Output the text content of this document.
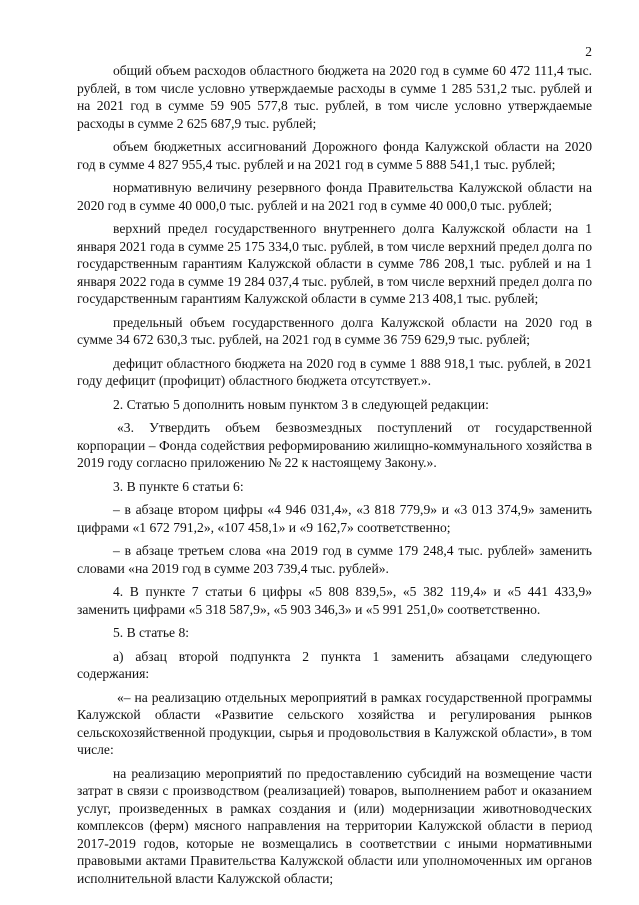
2

общий объем расходов областного бюджета на 2020 год в сумме 60 472 111,4 тыс. рублей, в том числе условно утверждаемые расходы в сумме 1 285 531,2 тыс. рублей и на 2021 год в сумме 59 905 577,8 тыс. рублей, в том числе условно утверждаемые расходы в сумме 2 625 687,9 тыс. рублей;

объем бюджетных ассигнований Дорожного фонда Калужской области на 2020 год в сумме 4 827 955,4 тыс. рублей и на 2021 год в сумме 5 888 541,1 тыс. рублей;

нормативную величину резервного фонда Правительства Калужской области на 2020 год в сумме 40 000,0 тыс. рублей и на 2021 год в сумме 40 000,0 тыс. рублей;

верхний предел государственного внутреннего долга Калужской области на 1 января 2021 года в сумме 25 175 334,0 тыс. рублей, в том числе верхний предел долга по государственным гарантиям Калужской области в сумме 786 208,1 тыс. рублей и на 1 января 2022 года в сумме 19 284 037,4 тыс. рублей, в том числе верхний предел долга по государственным гарантиям Калужской области в сумме 213 408,1 тыс. рублей;

предельный объем государственного долга Калужской области на 2020 год в сумме 34 672 630,3 тыс. рублей, на 2021 год в сумме 36 759 629,9 тыс. рублей;

дефицит областного бюджета на 2020 год в сумме 1 888 918,1 тыс. рублей, в 2021 году дефицит (профицит) областного бюджета отсутствует.».

2. Статью 5 дополнить новым пунктом 3 в следующей редакции:

«3. Утвердить объем безвозмездных поступлений от государственной корпорации – Фонда содействия реформированию жилищно-коммунального хозяйства в 2019 году согласно приложению № 22 к настоящему Закону.».

3. В пункте 6 статьи 6:

– в абзаце втором цифры «4 946 031,4», «3 818 779,9» и «3 013 374,9» заменить цифрами «1 672 791,2», «107 458,1» и «9 162,7» соответственно;

– в абзаце третьем слова «на 2019 год в сумме 179 248,4 тыс. рублей» заменить словами «на 2019 год в сумме 203 739,4 тыс. рублей».

4. В пункте 7 статьи 6 цифры «5 808 839,5», «5 382 119,4» и «5 441 433,9» заменить цифрами «5 318 587,9», «5 903 346,3» и «5 991 251,0» соответственно.

5. В статье 8:

а) абзац второй подпункта 2 пункта 1 заменить абзацами следующего содержания:

«– на реализацию отдельных мероприятий в рамках государственной программы Калужской области «Развитие сельского хозяйства и регулирования рынков сельскохозяйственной продукции, сырья и продовольствия в Калужской области», в том числе:

на реализацию мероприятий по предоставлению субсидий на возмещение части затрат в связи с производством (реализацией) товаров, выполнением работ и оказанием услуг, произведенных в рамках создания и (или) модернизации животноводческих комплексов (ферм) мясного направления на территории Калужской области в период 2017-2019 годов, которые не возмещались в соответствии с иными нормативными правовыми актами Правительства Калужской области или уполномоченных им органов исполнительной власти Калужской области;
